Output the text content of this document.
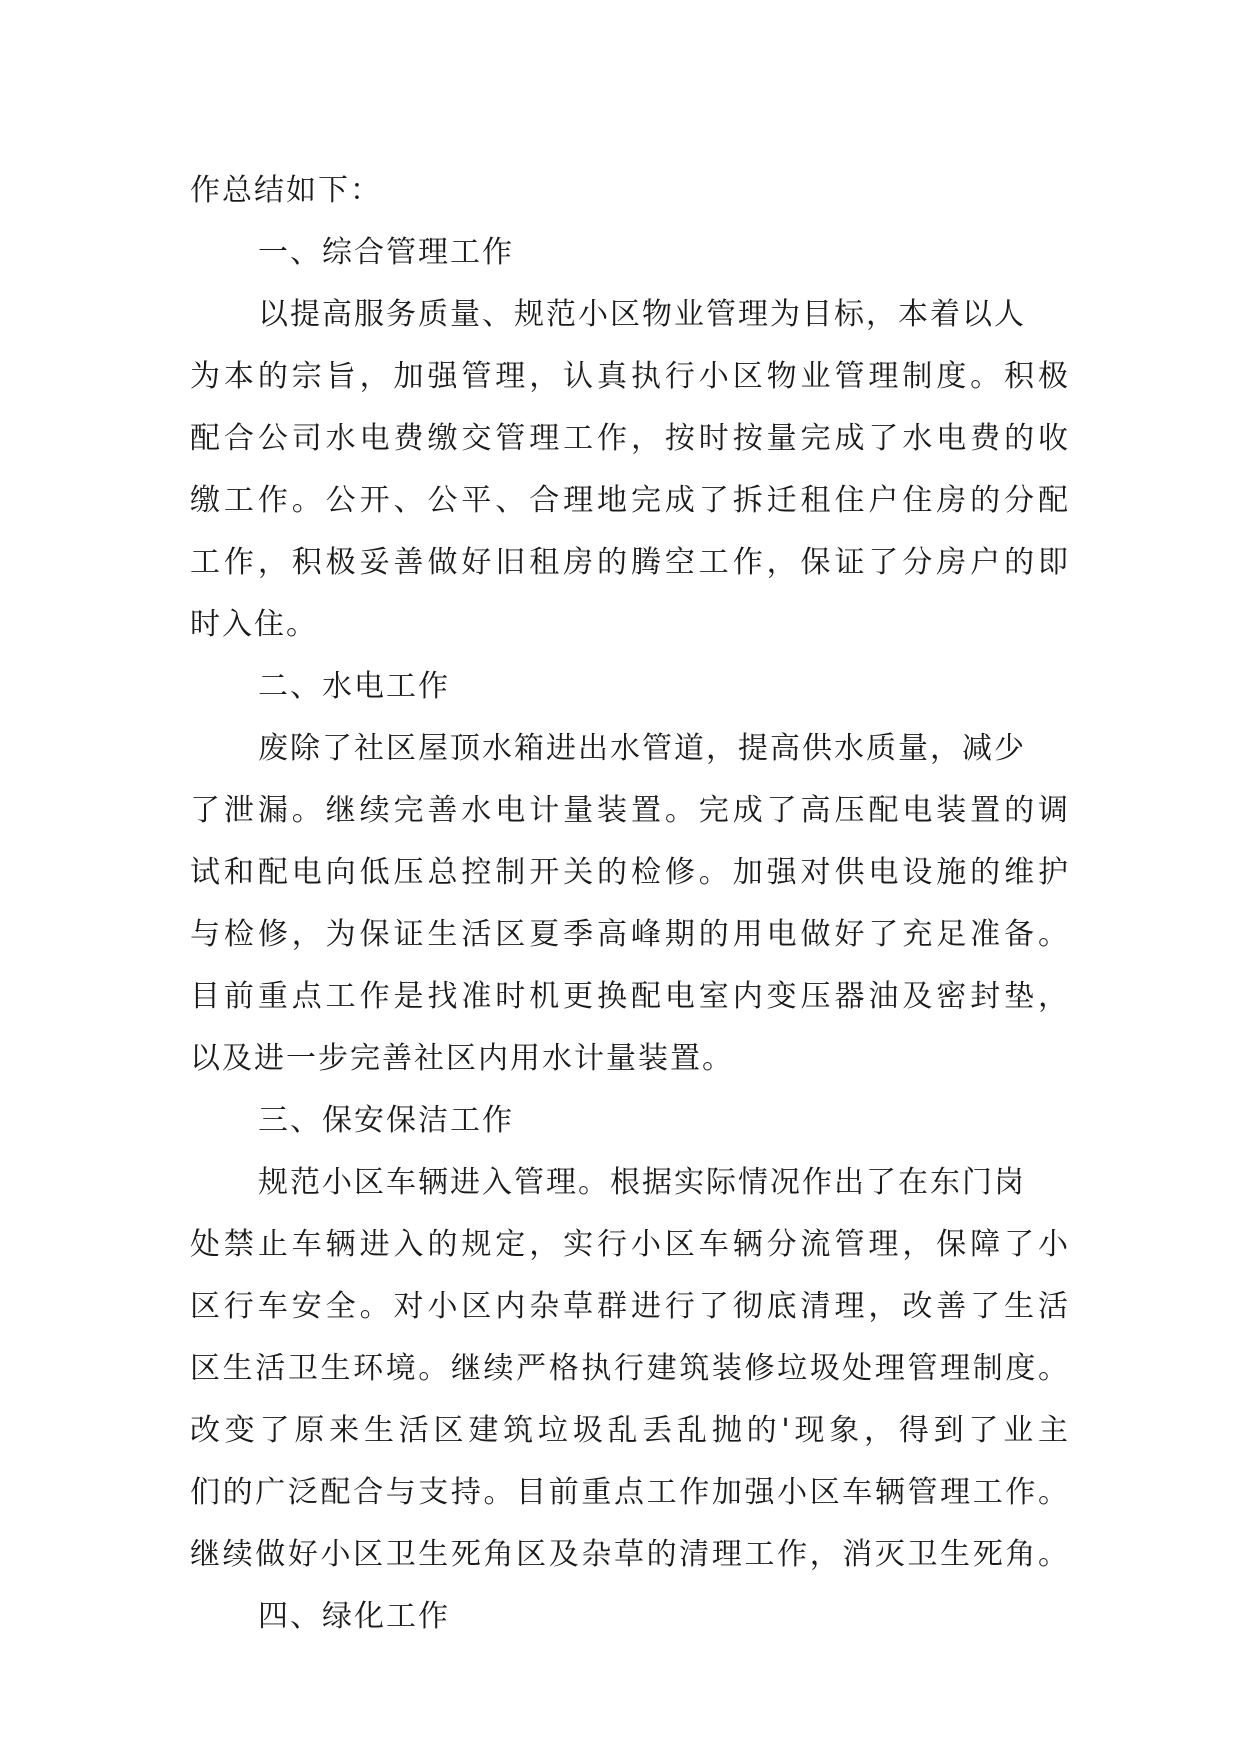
作总结如下：
一、综合管理工作
以提高服务质量、规范小区物业管理为目标，本着以人
为本的宗旨，加强管理，认真执行小区物业管理制度。积极
配合公司水电费缴交管理工作，按时按量完成了水电费的收
缴工作。公开、公平、合理地完成了拆迁租住户住房的分配
工作，积极妥善做好旧租房的腾空工作，保证了分房户的即
时入住。
二、水电工作
废除了社区屋顶水箱进出水管道，提高供水质量，减少
了泄漏。继续完善水电计量装置。完成了高压配电装置的调
试和配电向低压总控制开关的检修。加强对供电设施的维护
与检修，为保证生活区夏季高峰期的用电做好了充足准备。
目前重点工作是找准时机更换配电室内变压器油及密封垫，
以及进一步完善社区内用水计量装置。
三、保安保洁工作
规范小区车辆进入管理。根据实际情况作出了在东门岗
处禁止车辆进入的规定，实行小区车辆分流管理，保障了小
区行车安全。对小区内杂草群进行了彻底清理，改善了生活
区生活卫生环境。继续严格执行建筑装修垃圾处理管理制度。
改变了原来生活区建筑垃圾乱丢乱抛的'现象，得到了业主
们的广泛配合与支持。目前重点工作加强小区车辆管理工作。
继续做好小区卫生死角区及杂草的清理工作，消灭卫生死角。
四、绿化工作
